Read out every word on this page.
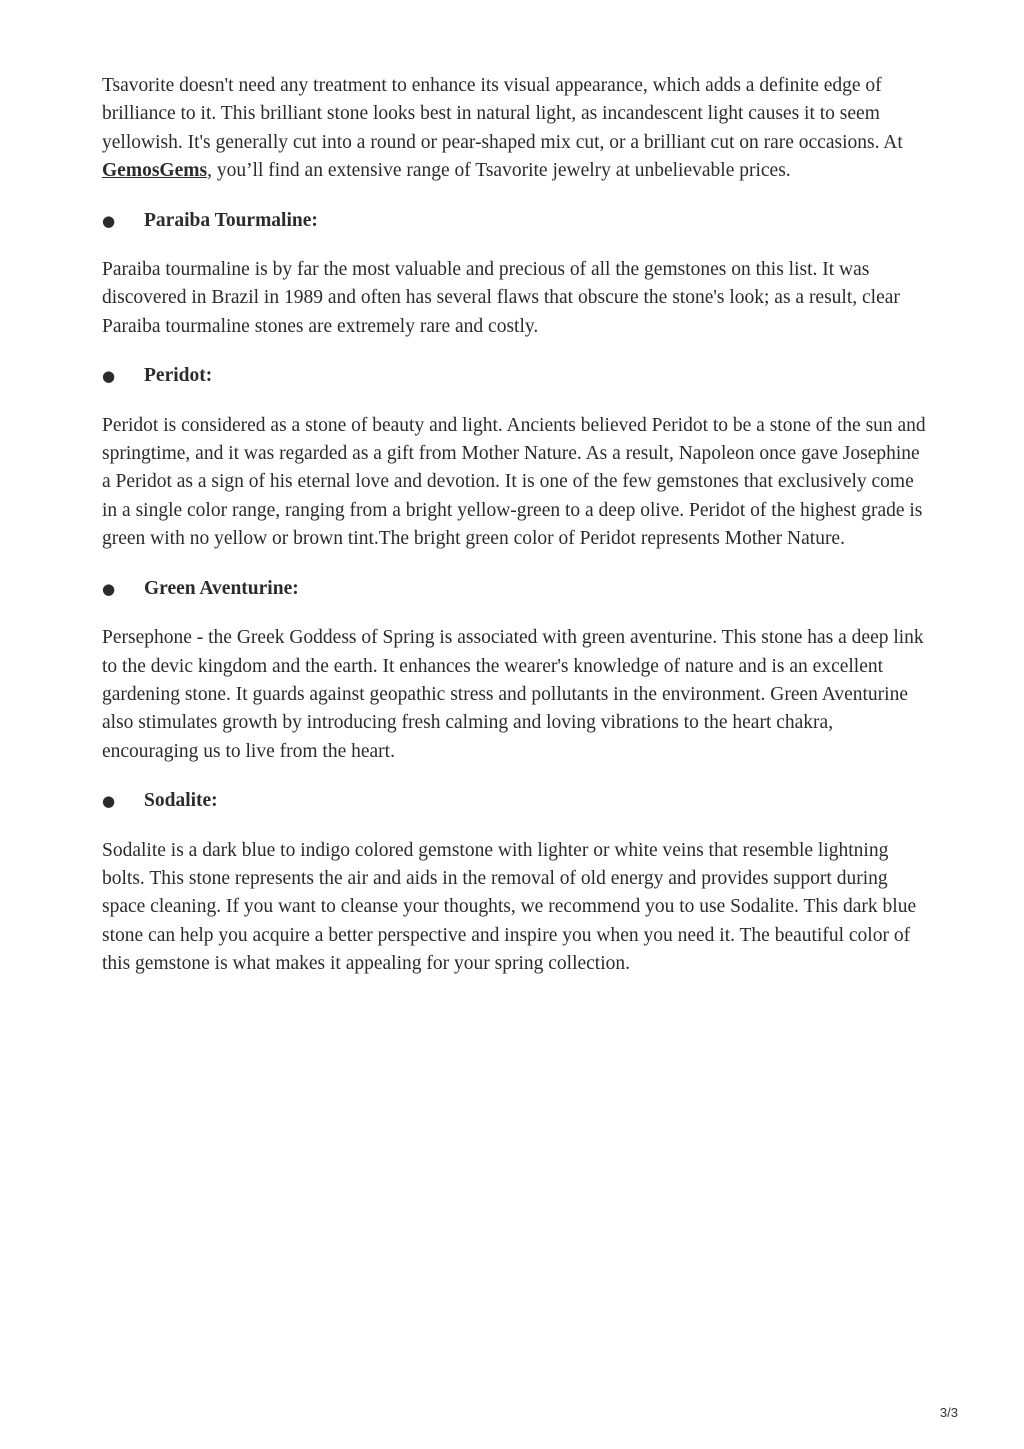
Tsavorite doesn't need any treatment to enhance its visual appearance, which adds a definite edge of brilliance to it. This brilliant stone looks best in natural light, as incandescent light causes it to seem yellowish. It's generally cut into a round or pear-shaped mix cut, or a brilliant cut on rare occasions. At GemosGems, you’ll find an extensive range of Tsavorite jewelry at unbelievable prices.

●	Paraiba Tourmaline:

Paraiba tourmaline is by far the most valuable and precious of all the gemstones on this list. It was discovered in Brazil in 1989 and often has several flaws that obscure the stone's look; as a result, clear Paraiba tourmaline stones are extremely rare and costly.

●	Peridot:

Peridot is considered as a stone of beauty and light. Ancients believed Peridot to be a stone of the sun and springtime, and it was regarded as a gift from Mother Nature. As a result, Napoleon once gave Josephine a Peridot as a sign of his eternal love and devotion. It is one of the few gemstones that exclusively come in a single color range, ranging from a bright yellow-green to a deep olive. Peridot of the highest grade is green with no yellow or brown tint.The bright green color of Peridot represents Mother Nature.

●	Green Aventurine:

Persephone - the Greek Goddess of Spring is associated with green aventurine. This stone has a deep link to the devic kingdom and the earth. It enhances the wearer's knowledge of nature and is an excellent gardening stone. It guards against geopathic stress and pollutants in the environment. Green Aventurine also stimulates growth by introducing fresh calming and loving vibrations to the heart chakra, encouraging us to live from the heart.

●	Sodalite:

Sodalite is a dark blue to indigo colored gemstone with lighter or white veins that resemble lightning bolts. This stone represents the air and aids in the removal of old energy and provides support during space cleaning. If you want to cleanse your thoughts, we recommend you to use Sodalite. This dark blue stone can help you acquire a better perspective and inspire you when you need it. The beautiful color of this gemstone is what makes it appealing for your spring collection.

3/3
